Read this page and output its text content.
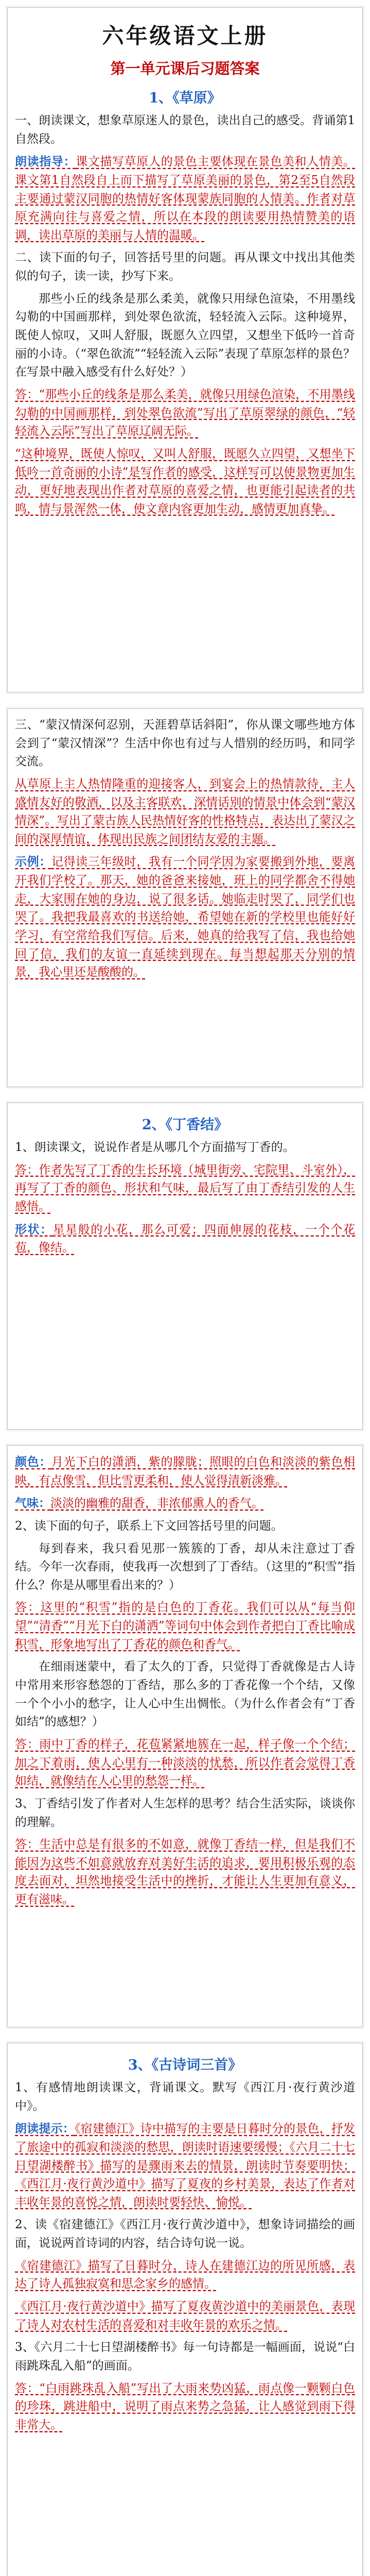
六年级语文上册
第一单元课后习题答案
1、《草原》

一、朗读课文，想象草原迷人的景色，读出自己的感受。背诵第1自然段。

朗读指导：课文描写草原人的景色主要体现在景色美和人情美。课文第1自然段自上而下描写了草原美丽的景色，第2至5自然段主要通过蒙汉同胞的热情好客体现蒙族同胞的人情美。作者对草原充满向往与喜爱之情，所以在本段的朗读要用热情赞美的语调，读出草原的美丽与人情的温暖。

二、读下面的句子，回答括号里的问题。再从课文中找出其他类似的句子，读一读，抄写下来。

那些小丘的线条是那么柔美，就像只用绿色渲染，不用墨线勾勒的中国画那样，到处翠色欲流，轻轻流入云际。这种境界，既使人惊叹，又叫人舒服，既愿久立四望，又想坐下低吟一首奇丽的小诗。（“翠色欲流”“轻轻流入云际”表现了草原怎样的景色？在写景中融入感受有什么好处？）

答：“那些小丘的线条是那么柔美，就像只用绿色渲染，不用墨线勾勒的中国画那样，到处翠色欲流”写出了草原翠绿的颜色，“轻轻流入云际”写出了草原辽阔无际。

“这种境界，既使人惊叹，又叫人舒服，既愿久立四望，又想坐下低吟一首奇丽的小诗”是写作者的感受，这样写可以使景物更加生动，更好地表现出作者对草原的喜爱之情，也更能引起读者的共鸣，情与景浑然一体，使文章内容更加生动，感情更加真挚。

三、“蒙汉情深何忍别，天涯碧草话斜阳”，你从课文哪些地方体会到了“蒙汉情深”？生活中你也有过与人惜别的经历吗，和同学交流。

从草原上主人热情隆重的迎接客人，到宴会上的热情款待，主人盛情友好的敬酒，以及主客联欢，深情话别的情景中体会到“蒙汉情深”。写出了蒙古族人民热情好客的性格特点，表达出了蒙汉之间的深厚情谊，体现出民族之间团结友爱的主题。

示例：记得读三年级时，我有一个同学因为家要搬到外地，要离开我们学校了。那天，她的爸爸来接她，班上的同学都舍不得她走，大家围在她的身边，说了很多话。她临走时哭了，同学们也哭了。我把我最喜欢的书送给她，希望她在新的学校里也能好好学习，有空常给我们写信。后来，她真的给我写了信，我也给她回了信，我们的友谊一直延续到现在。每当想起那天分别的情景，我心里还是酸酸的。

2、《丁香结》

1、朗读课文，说说作者是从哪几个方面描写丁香的。

答：作者先写了丁香的生长环境（城里街旁、宅院里、斗室外），再写了丁香的颜色、形状和气味，最后写了由丁香结引发的人生感悟。

形状：星星般的小花，那么可爱；四面伸展的花枝，一个个花苞，像结。

颜色：月光下白的潇洒，紫的朦胧；照眼的白色和淡淡的紫色相映，有点像雪，但比雪更柔和，使人觉得清新淡雅。

气味：淡淡的幽雅的甜香，非浓郁熏人的香气。

2、读下面的句子，联系上下文回答括号里的问题。

每到春来，我只看见那一簇簇的丁香，却从未注意过丁香结。今年一次春雨，使我再一次想到了丁香结。（这里的“积雪”指什么？你是从哪里看出来的？）

答：这里的“积雪”指的是白色的丁香花。我们可以从“每当仰望”“清香”“月光下白的潇洒”等词句中体会到作者把白丁香比喻成积雪，形象地写出了丁香花的颜色和香气。

在细雨迷蒙中，看了太久的丁香，只觉得丁香就像是古人诗中常用来形容愁怨的丁香结，那么多的丁香花像一个个结，又像一个个小小的愁字，让人心中生出惆怅。（为什么作者会有“丁香如结”的感想？）

答：雨中丁香的样子，花苞紧紧地簇在一起，样子像一个个结；加之下着雨，使人心里有一种淡淡的忧愁，所以作者会觉得丁香如结，就像结在人心里的愁怨一样。

3、丁香结引发了作者对人生怎样的思考？结合生活实际，谈谈你的理解。

答：生活中总是有很多的不如意，就像丁香结一样，但是我们不能因为这些不如意就放弃对美好生活的追求，要用积极乐观的态度去面对，坦然地接受生活中的挫折，才能让人生更加有意义，更有滋味。

3、《古诗词三首》

1、有感情地朗读课文，背诵课文。默写《西江月·夜行黄沙道中》。

朗读提示：《宿建德江》诗中描写的主要是日暮时分的景色，抒发了旅途中的孤寂和淡淡的愁思，朗读时语速要缓慢；《六月二十七日望湖楼醉书》描写的是骤雨来去的情景，朗读时节奏要明快；《西江月·夜行黄沙道中》描写了夏夜的乡村美景，表达了作者对丰收年景的喜悦之情，朗读时要轻快、愉悦。

2、读《宿建德江》《西江月·夜行黄沙道中》，想象诗词描绘的画面，说说两首诗词的内容，结合诗句说一说。

《宿建德江》描写了日暮时分，诗人在建德江边的所见所感，表达了诗人孤独寂寞和思念家乡的感情。

《西江月·夜行黄沙道中》描写了夏夜黄沙道中的美丽景色，表现了诗人对农村生活的喜爱和对丰收年景的欢乐之情。

3、《六月二十七日望湖楼醉书》每一句诗都是一幅画面，说说“白雨跳珠乱入船”的画面。

答：“白雨跳珠乱入船”写出了大雨来势凶猛，雨点像一颗颗白色的珍珠，跳进船中，说明了雨点来势之急猛，让人感觉到雨下得非常大。
